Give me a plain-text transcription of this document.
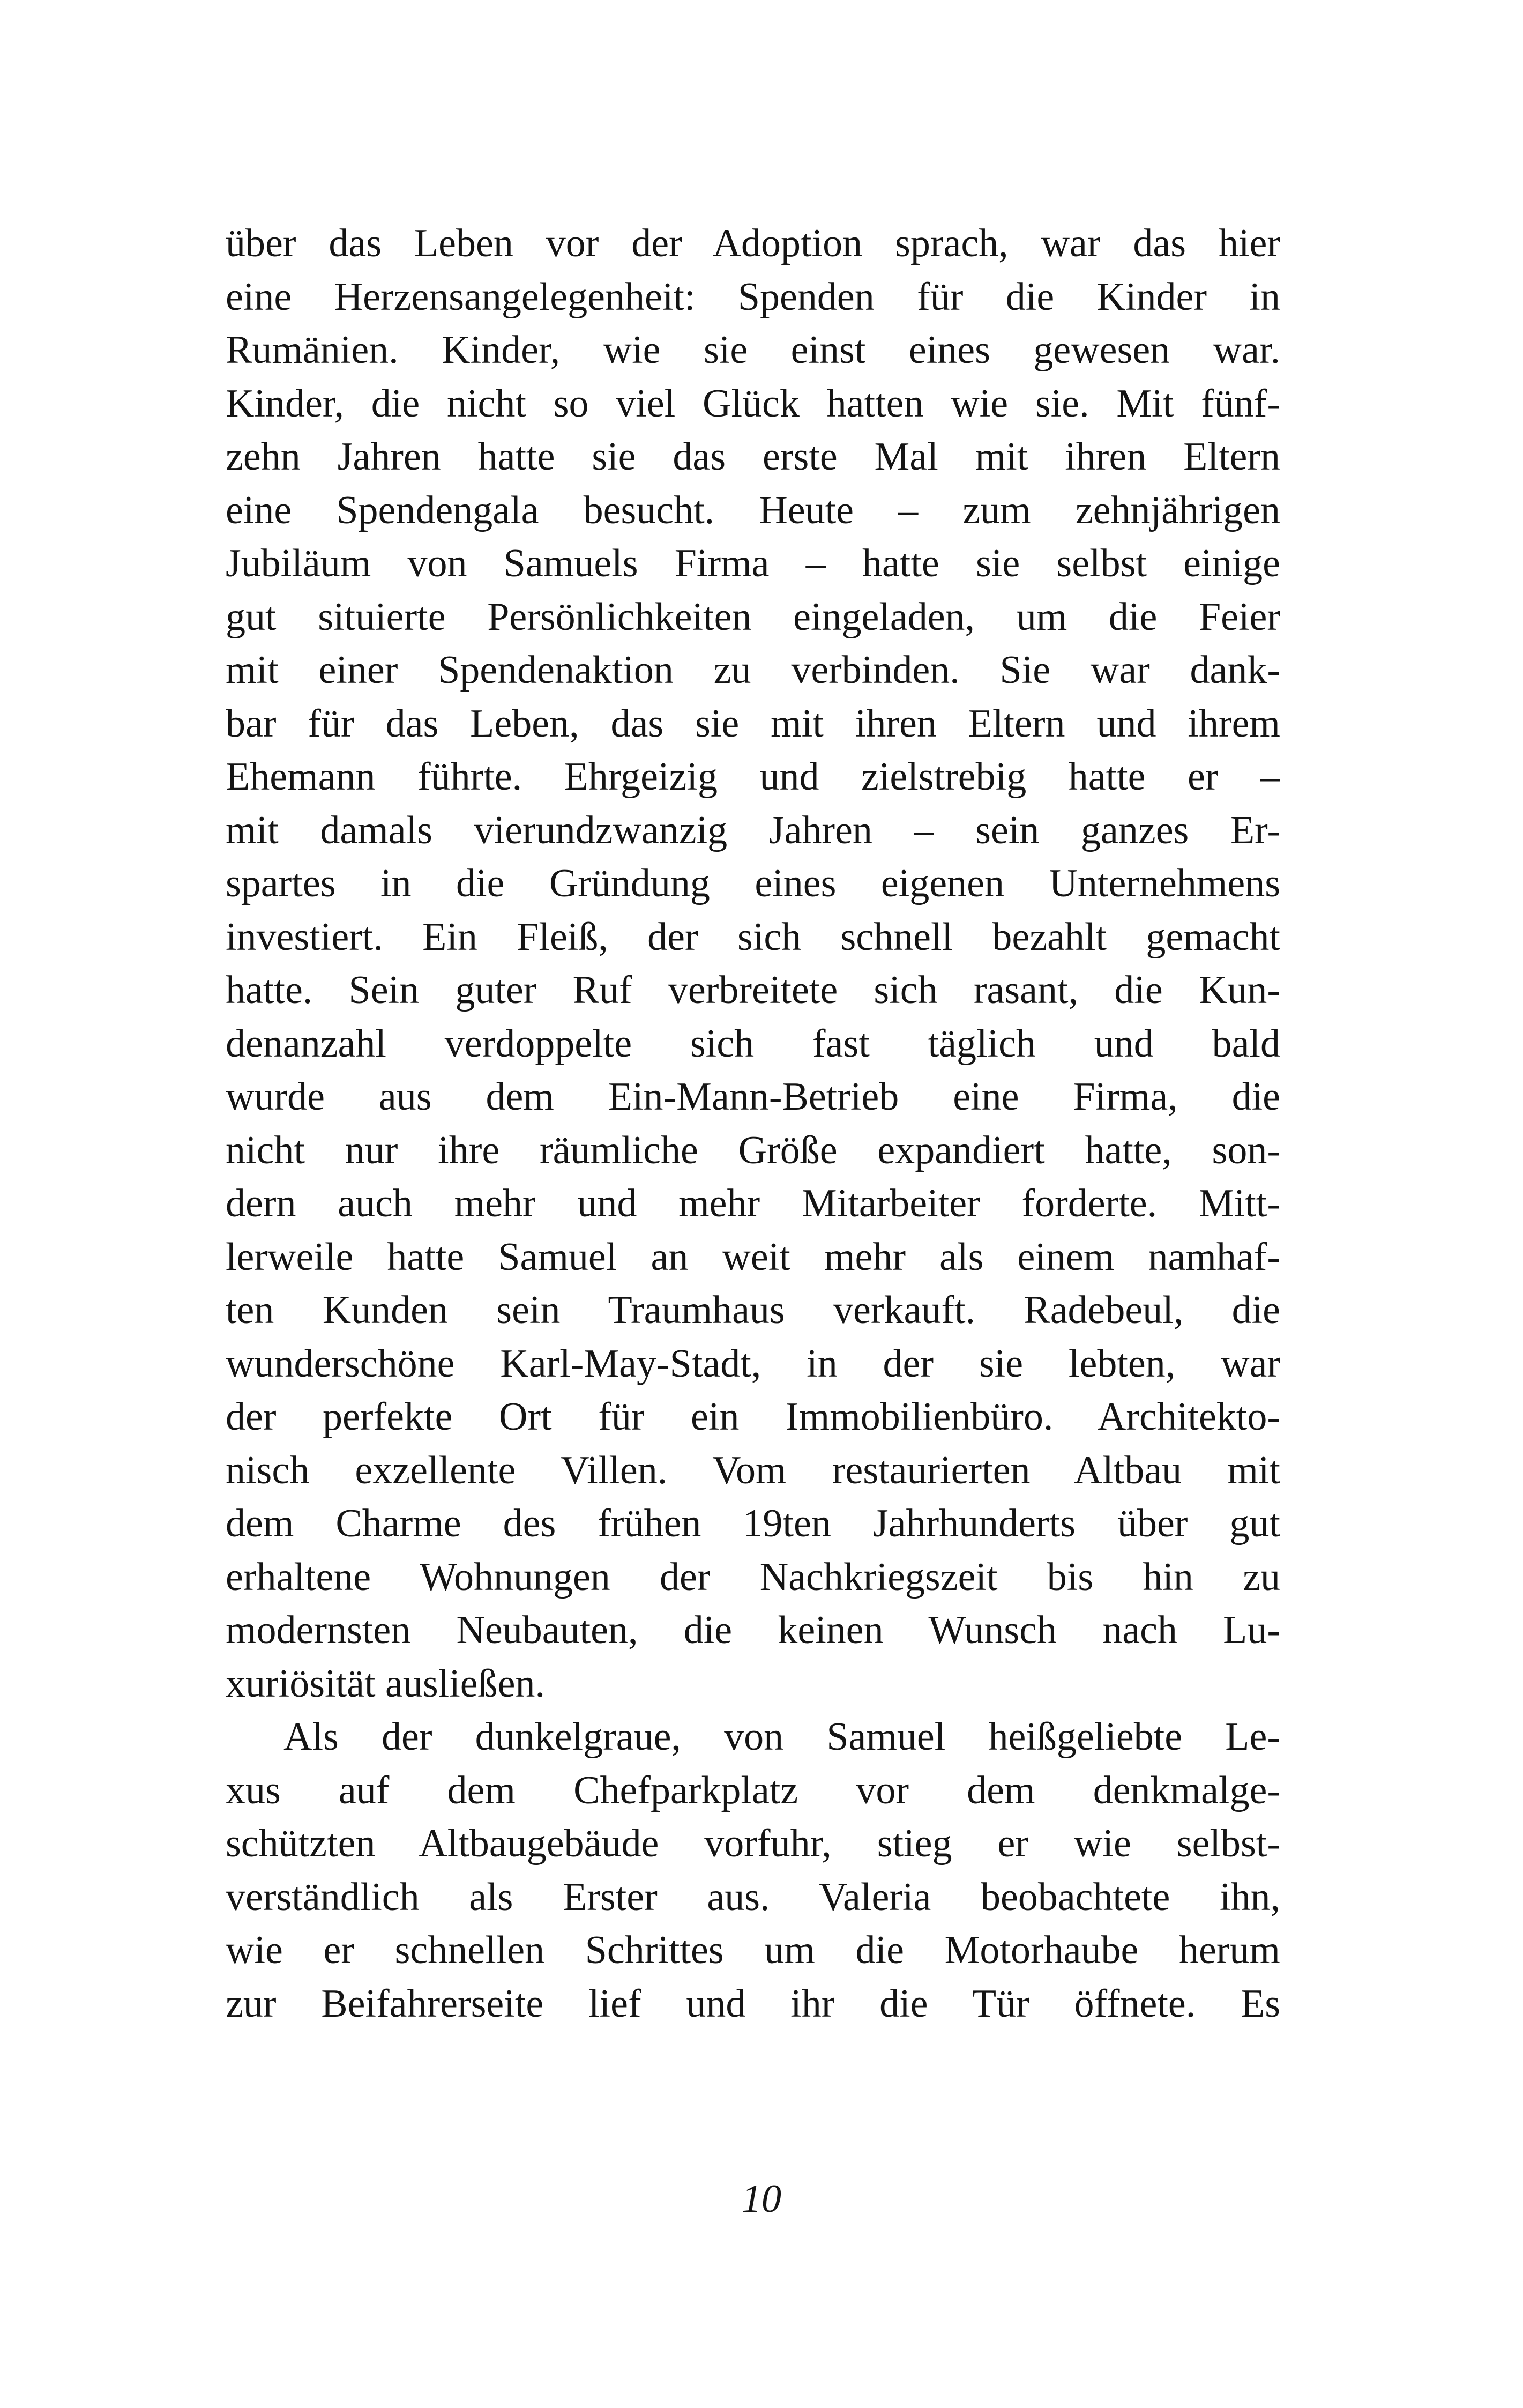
über das Leben vor der Adoption sprach, war das hier
eine Herzensangelegenheit: Spenden für die Kinder in
Rumänien. Kinder, wie sie einst eines gewesen war.
Kinder, die nicht so viel Glück hatten wie sie. Mit fünf-
zehn Jahren hatte sie das erste Mal mit ihren Eltern
eine Spendengala besucht. Heute – zum zehnjährigen
Jubiläum von Samuels Firma – hatte sie selbst einige
gut situierte Persönlichkeiten eingeladen, um die Feier
mit einer Spendenaktion zu verbinden. Sie war dank-
bar für das Leben, das sie mit ihren Eltern und ihrem
Ehemann führte. Ehrgeizig und zielstrebig hatte er –
mit damals vierundzwanzig Jahren – sein ganzes Er-
spartes in die Gründung eines eigenen Unternehmens
investiert. Ein Fleiß, der sich schnell bezahlt gemacht
hatte. Sein guter Ruf verbreitete sich rasant, die Kun-
denanzahl verdoppelte sich fast täglich und bald
wurde aus dem Ein-Mann-Betrieb eine Firma, die
nicht nur ihre räumliche Größe expandiert hatte, son-
dern auch mehr und mehr Mitarbeiter forderte. Mitt-
lerweile hatte Samuel an weit mehr als einem namhaf-
ten Kunden sein Traumhaus verkauft. Radebeul, die
wunderschöne Karl-May-Stadt, in der sie lebten, war
der perfekte Ort für ein Immobilienbüro. Architekto-
nisch exzellente Villen. Vom restaurierten Altbau mit
dem Charme des frühen 19ten Jahrhunderts über gut
erhaltene Wohnungen der Nachkriegszeit bis hin zu
modernsten Neubauten, die keinen Wunsch nach Lu-
xuriösität ausließen.
Als der dunkelgraue, von Samuel heißgeliebte Le-
xus auf dem Chefparkplatz vor dem denkmalge-
schützten Altbaugebäude vorfuhr, stieg er wie selbst-
verständlich als Erster aus. Valeria beobachtete ihn,
wie er schnellen Schrittes um die Motorhaube herum
zur Beifahrerseite lief und ihr die Tür öffnete. Es
10
